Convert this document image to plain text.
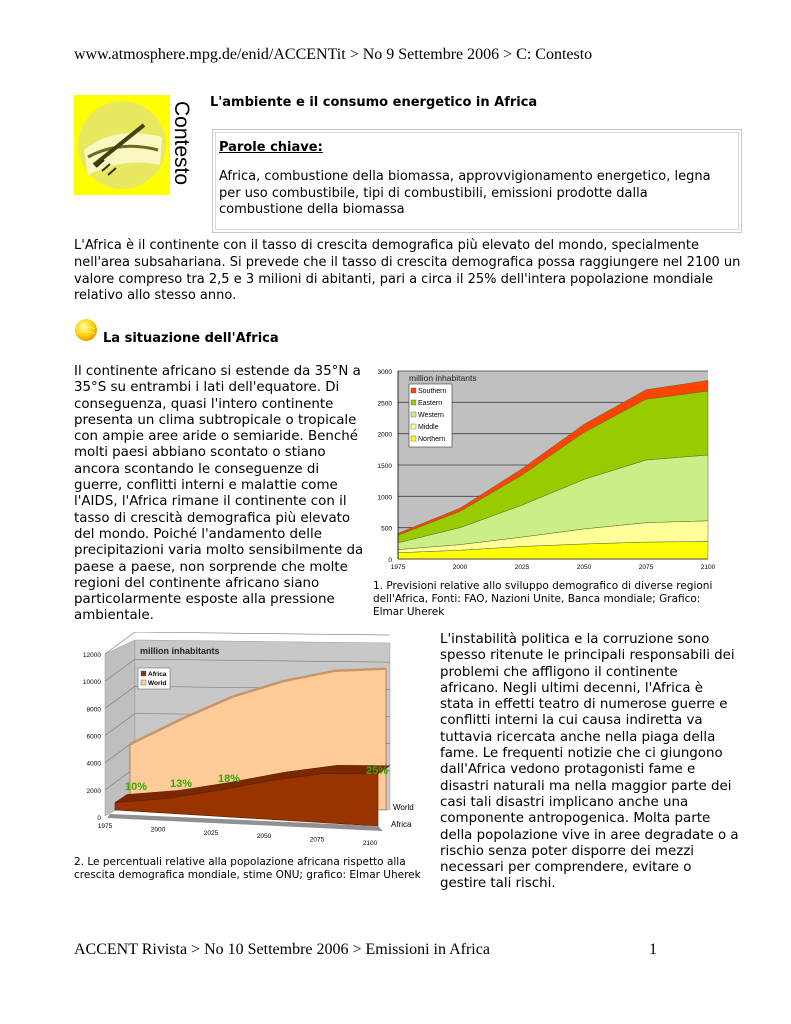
www.atmosphere.mpg.de/enid/ACCENTit > No 9 Settembre 2006 > C: Contesto
Contesto L'ambiente e il consumo energetico in Africa
Parole chiave:
Africa, combustione della biomassa, approvvigionamento energetico, legna per uso combustibile, tipi di combustibili, emissioni prodotte dalla combustione della biomassa
L'Africa è il continente con il tasso di crescita demografica più elevato del mondo, specialmente nell'area subsahariana. Si prevede che il tasso di crescita demografica possa raggiungere nel 2100 un valore compreso tra 2,5 e 3 milioni di abitanti, pari a circa il 25% dell'intera popolazione mondiale relativo allo stesso anno.
La situazione dell'Africa
Il continente africano si estende da 35°N a 35°S su entrambi i lati dell'equatore. Di conseguenza, quasi l'intero continente presenta un clima subtropicale o tropicale con ampie aree aride o semiaride. Benché molti paesi abbiano scontato o stiano ancora scontando le conseguenze di guerre, conflitti interni e malattie come l'AIDS, l'Africa rimane il continente con il tasso di crescità demografica più elevato del mondo. Poiché l'andamento delle precipitazioni varia molto sensibilmente da paese a paese, non sorprende che molte regioni del continente africano siano particolarmente esposte alla pressione ambientale.
0
500
1000
1500
2000
2500
3000
1975	2000	2025	2050	2075	2100
million inhabitants
Southern
Eastern
Western
Middle
Northern
1. Previsioni relative allo sviluppo demografico di diverse regioni dell'Africa, Fonti: FAO, Nazioni Unite, Banca mondiale; Grafico: Elmar Uherek
0
2000
4000
6000
8000
10000
12000
1975	2000	2025	2050	2075	2100
World
Africa
million inhabitants
Africa
World
10% 13% 18%
25%
2. Le percentuali relative alla popolazione africana rispetto alla crescita demografica mondiale, stime ONU; grafico: Elmar Uherek
L'instabilità politica e la corruzione sono spesso ritenute le principali responsabili dei problemi che affligono il continente africano. Negli ultimi decenni, l'Africa è stata in effetti teatro di numerose guerre e conflitti interni la cui causa indiretta va tuttavia ricercata anche nella piaga della fame. Le frequenti notizie che ci giungono dall'Africa vedono protagonisti fame e disastri naturali ma nella maggior parte dei casi tali disastri implicano anche una componente antropogenica. Molta parte della popolazione vive in aree degradate o a rischio senza poter disporre dei mezzi necessari per comprendere, evitare o gestire tali rischi.
ACCENT Rivista > No 10 Settembre 2006 > Emissioni in Africa	1
